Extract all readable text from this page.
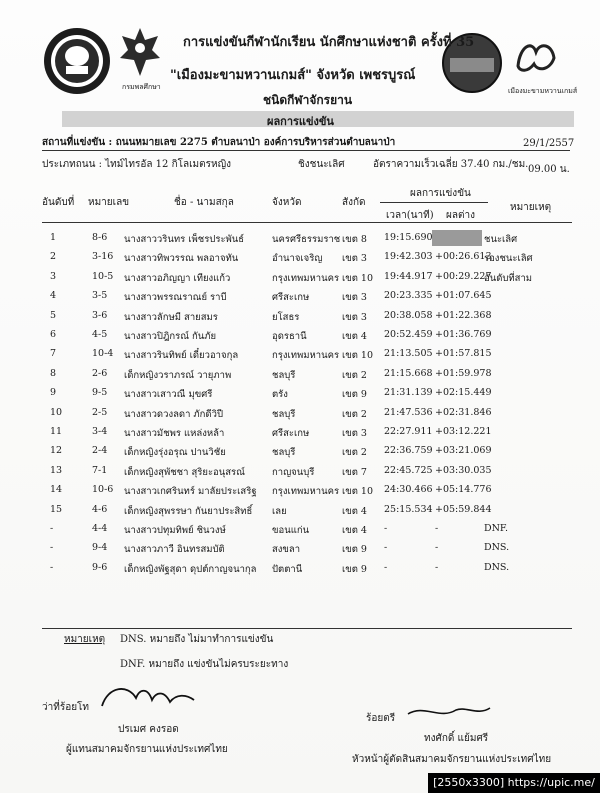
กรมพลศึกษา	เมืองมะขามหวานเกมส์
การแข่งขันกีฬานักเรียน นักศึกษาแห่งชาติ ครั้งที่ 35
"เมืองมะขามหวานเกมส์" จังหวัด เพชรบูรณ์
ชนิดกีฬาจักรยาน
ผลการแข่งขัน
สถานที่แข่งขัน : ถนนหมายเลข 2275 ตำบลนาป่า องค์การบริหารส่วนตำบลนาป่า	29/1/2557
ประเภทถนน : ไทม์ไทรอัล 12 กิโลเมตรหญิง	ชิงชนะเลิศ	อัตราความเร็วเฉลี่ย 37.40 กม./ชม. 09.00 น.
อันดับที่ หมายเลข	ชื่อ - นามสกุล	จังหวัด	สังกัด
ผลการแข่งขัน
เวลา(นาที) ผลต่าง
หมายเหตุ
1	8-6 นางสาววรินทร เพ็ชรประพันธ์	นครศรีธรรมราช เขต 8 19:15.690	ชนะเลิศ
2	3-16 นางสาวทิพวรรณ พลอาจทัน	อำนาจเจริญ เขต 3 19:42.303 +00:26.613
รองชนะเลิศ
3	10-5 นางสาวอภิญญา เทียงแก้ว	กรุงเทพมหานคร เขต 10 19:44.917 +00:29.227
อันดับที่สาม
4	3-5 นางสาวพรรณราณย์ ราบี	ศรีสะเกษ	เขต 3 20:23.335 +01:07.645
5	3-6 นางสาวลักษมี สายสมร	ยโสธร	เขต 3 20:38.058 +01:22.368
6	4-5 นางสาวปิฎิกรณ์ กันภัย	อุดรธานี	เขต 4 20:52.459 +01:36.769
7	10-4 นางสาวรินทิพย์ เดี๋ยวอาจกุล	กรุงเทพมหานคร เขต 10 21:13.505 +01:57.815
8	2-6 เด็กหญิงวราภรณ์ วายุภาพ	ชลบุรี	เขต 2 21:15.668 +01:59.978
9	9-5 นางสาวเสาวณี มุขศรี	ตรัง	เขต 9 21:31.139 +02:15.449
10	2-5 นางสาวดวงลดา ภักดีวิปี	ชลบุรี	เขต 2 21:47.536 +02:31.846
11	3-4 นางสาวมัชพร แหล่งหล้า	ศรีสะเกษ	เขต 3 22:27.911 +03:12.221
12	2-4 เด็กหญิงรุ่งอรุณ ปานวิชัย	ชลบุรี	เขต 2 22:36.759 +03:21.069
13	7-1 เด็กหญิงสุพัชชา สุริยะอนุสรณ์	กาญจนบุรี	เขต 7 22:45.725 +03:30.035
14	10-6 นางสาวเกศรินทร์ มาลัยประเสริฐ กรุงเทพมหานคร เขต 10 24:30.466 +05:14.776
15	4-6 เด็กหญิงสุพรรษา กันยาประสิทธิ์ เลย	เขต 4 25:15.534 +05:59.844
-	4-4 นางสาวปทุมทิพย์ ชินวงษ์	ขอนแก่น	เขต 4 -	-	DNF.
-	9-4 นางสาวภาวี อินทรสมบัติ	สงขลา	เขต 9 -	-	DNS.
-	9-6 เด็กหญิงพัฐสุดา ดุปต์กาญจนากุล ปัตตานี	เขต 9 -	-	DNS.
หมายเหตุ DNS. หมายถึง ไม่มาทำการแข่งขัน
DNF. หมายถึง แข่งขันไม่ครบระยะทาง
ว่าที่ร้อยโท
ปรเมศ คงรอด
ผู้แทนสมาคมจักรยานแห่งประเทศไทย
ร้อยตรี
ทงศักดิ์ แย้มศรี
หัวหน้าผู้ตัดสินสมาคมจักรยานแห่งประเทศไทย
[2550x3300] https://upic.me/
